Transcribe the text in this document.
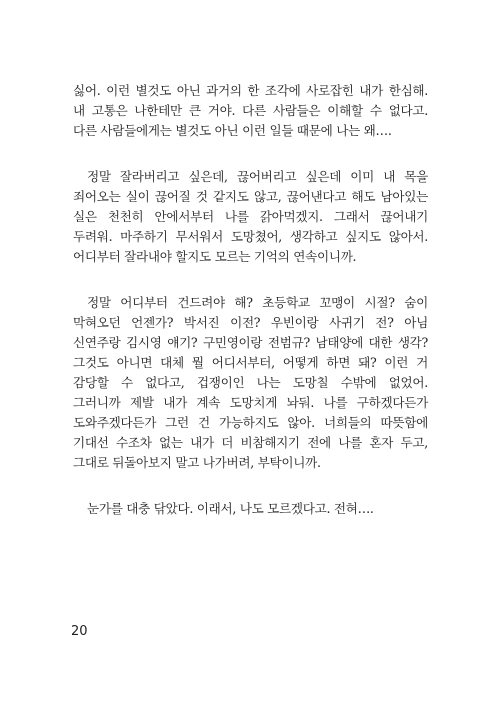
싫어. 이런 별것도 아닌 과거의 한 조각에 사로잡힌 내가 한심해.
내 고통은 나한테만 큰 거야. 다른 사람들은 이해할 수 없다고.
다른 사람들에게는 별것도 아닌 이런 일들 때문에 나는 왜….
정말 잘라버리고 싶은데, 끊어버리고 싶은데 이미 내 목을
죄어오는 실이 끊어질 것 같지도 않고, 끊어낸다고 해도 남아있는
실은 천천히 안에서부터 나를 갉아먹겠지. 그래서 끊어내기
두려워. 마주하기 무서워서 도망쳤어, 생각하고 싶지도 않아서.
어디부터 잘라내야 할지도 모르는 기억의 연속이니까.
정말 어디부터 건드려야 해? 초등학교 꼬맹이 시절? 숨이
막혀오던 언젠가? 박서진 이전? 우빈이랑 사귀기 전? 아님
신연주랑 김시영 얘기? 구민영이랑 전범규? 남태양에 대한 생각?
그것도 아니면 대체 뭘 어디서부터, 어떻게 하면 돼? 이런 거
감당할 수 없다고, 겁쟁이인 나는 도망칠 수밖에 없었어.
그러니까 제발 내가 계속 도망치게 놔둬. 나를 구하겠다든가
도와주겠다든가 그런 건 가능하지도 않아. 너희들의 따뜻함에
기대선 수조차 없는 내가 더 비참해지기 전에 나를 혼자 두고,
그대로 뒤돌아보지 말고 나가버려, 부탁이니까.
눈가를 대충 닦았다. 이래서, 나도 모르겠다고. 전혀….
20
